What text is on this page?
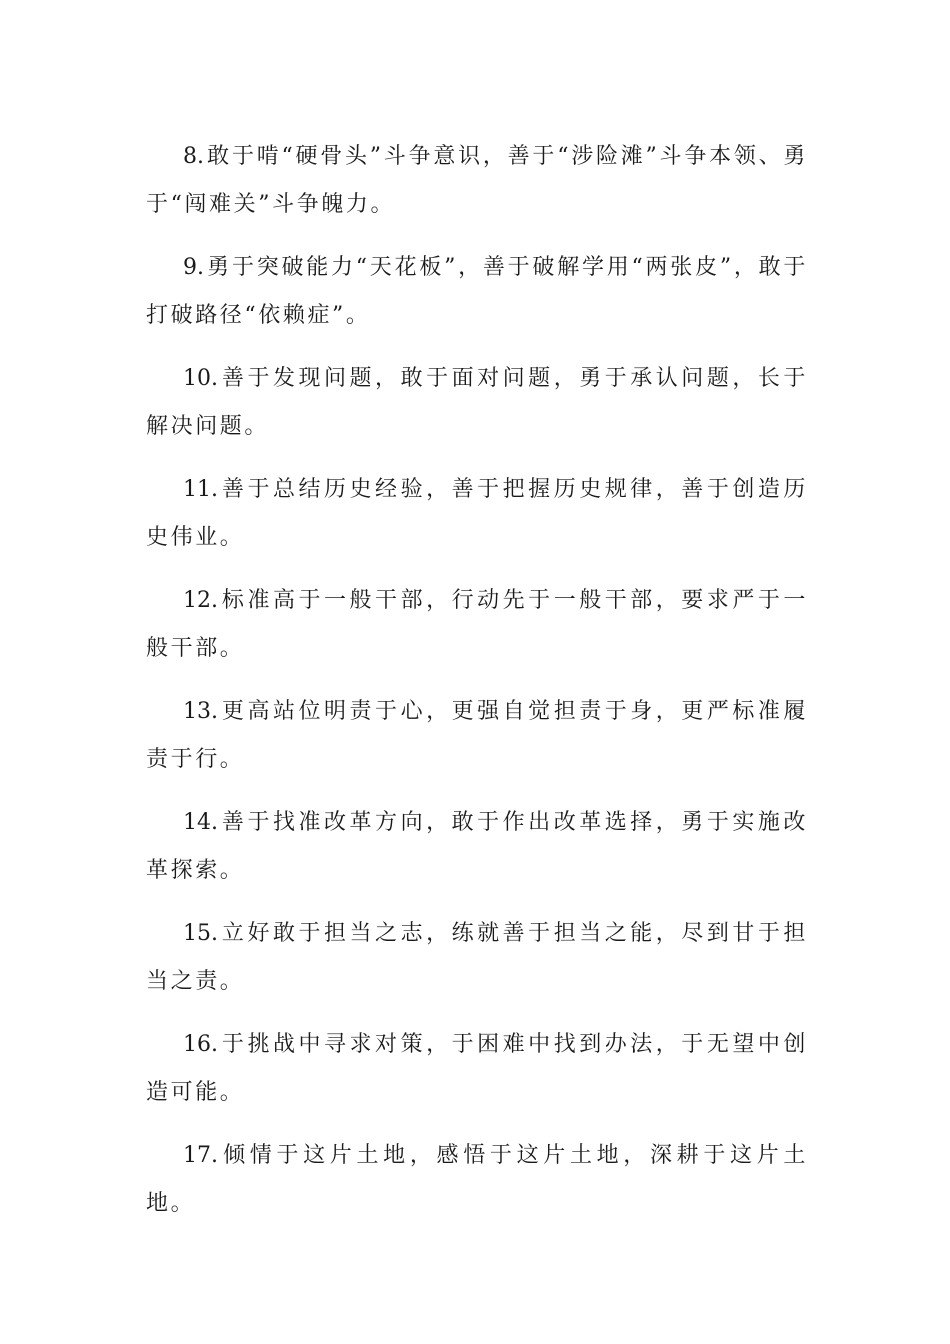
8. 敢于啃“硬骨头”斗争意识，善于“涉险滩”斗争本领、勇于“闯难关”斗争魄力。

9. 勇于突破能力“天花板”，善于破解学用“两张皮”，敢于打破路径“依赖症”。

10. 善于发现问题，敢于面对问题，勇于承认问题，长于解决问题。

11. 善于总结历史经验，善于把握历史规律，善于创造历史伟业。

12. 标准高于一般干部，行动先于一般干部，要求严于一般干部。

13. 更高站位明责于心，更强自觉担责于身，更严标准履责于行。

14. 善于找准改革方向，敢于作出改革选择，勇于实施改革探索。

15. 立好敢于担当之志，练就善于担当之能，尽到甘于担当之责。

16. 于挑战中寻求对策，于困难中找到办法，于无望中创造可能。

17. 倾情于这片土地，感悟于这片土地，深耕于这片土地。
